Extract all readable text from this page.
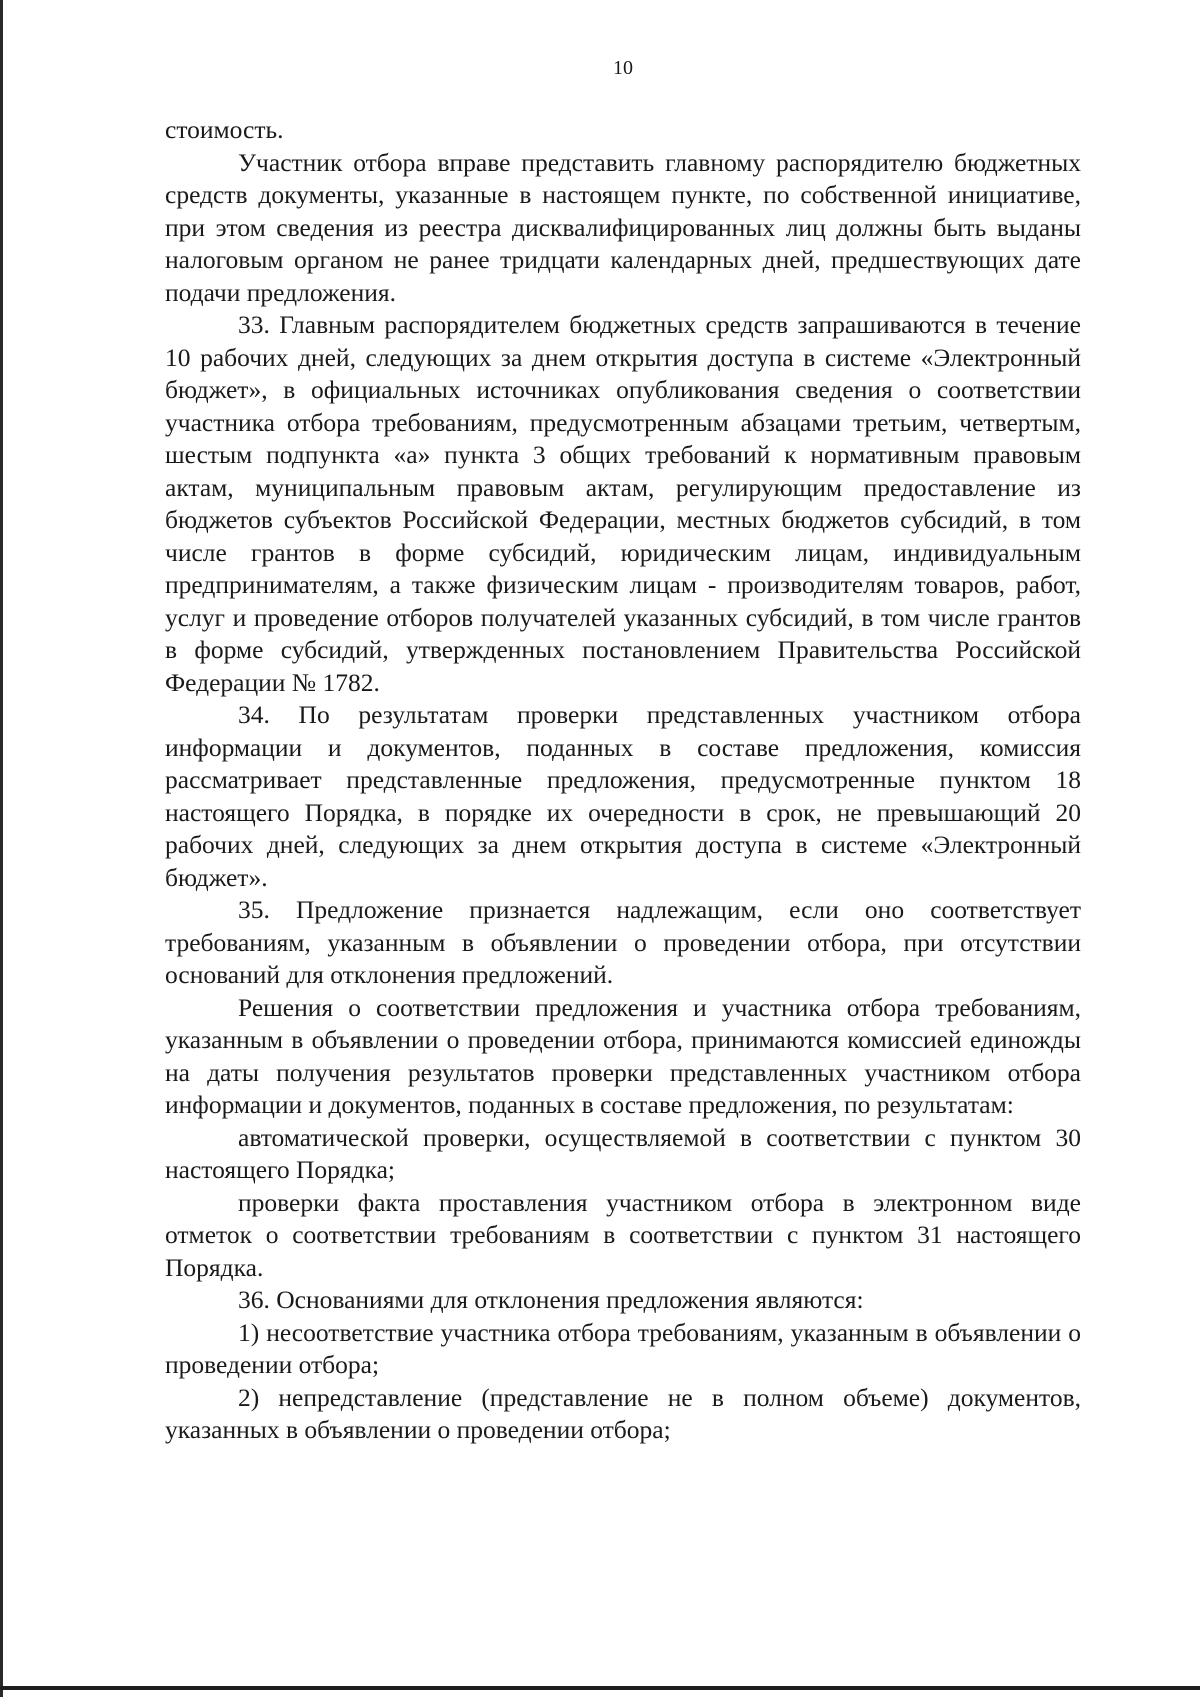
10

стоимость.

Участник отбора вправе представить главному распорядителю бюджетных средств документы, указанные в настоящем пункте, по собственной инициативе, при этом сведения из реестра дисквалифицированных лиц должны быть выданы налоговым органом не ранее тридцати календарных дней, предшествующих дате подачи предложения.

33. Главным распорядителем бюджетных средств запрашиваются в течение 10 рабочих дней, следующих за днем открытия доступа в системе «Электронный бюджет», в официальных источниках опубликования сведения о соответствии участника отбора требованиям, предусмотренным абзацами третьим, четвертым, шестым подпункта «а» пункта 3 общих требований к нормативным правовым актам, муниципальным правовым актам, регулирующим предоставление из бюджетов субъектов Российской Федерации, местных бюджетов субсидий, в том числе грантов в форме субсидий, юридическим лицам, индивидуальным предпринимателям, а также физическим лицам - производителям товаров, работ, услуг и проведение отборов получателей указанных субсидий, в том числе грантов в форме субсидий, утвержденных постановлением Правительства Российской Федерации № 1782.

34. По результатам проверки представленных участником отбора информации и документов, поданных в составе предложения, комиссия рассматривает представленные предложения, предусмотренные пунктом 18 настоящего Порядка, в порядке их очередности в срок, не превышающий 20 рабочих дней, следующих за днем открытия доступа в системе «Электронный бюджет».

35. Предложение признается надлежащим, если оно соответствует требованиям, указанным в объявлении о проведении отбора, при отсутствии оснований для отклонения предложений.

Решения о соответствии предложения и участника отбора требованиям, указанным в объявлении о проведении отбора, принимаются комиссией единожды на даты получения результатов проверки представленных участником отбора информации и документов, поданных в составе предложения, по результатам:

автоматической проверки, осуществляемой в соответствии с пунктом 30 настоящего Порядка;

проверки факта проставления участником отбора в электронном виде отметок о соответствии требованиям в соответствии с пунктом 31 настоящего Порядка.

36. Основаниями для отклонения предложения являются:

1) несоответствие участника отбора требованиям, указанным в объявлении о проведении отбора;

2) непредставление (представление не в полном объеме) документов, указанных в объявлении о проведении отбора;
